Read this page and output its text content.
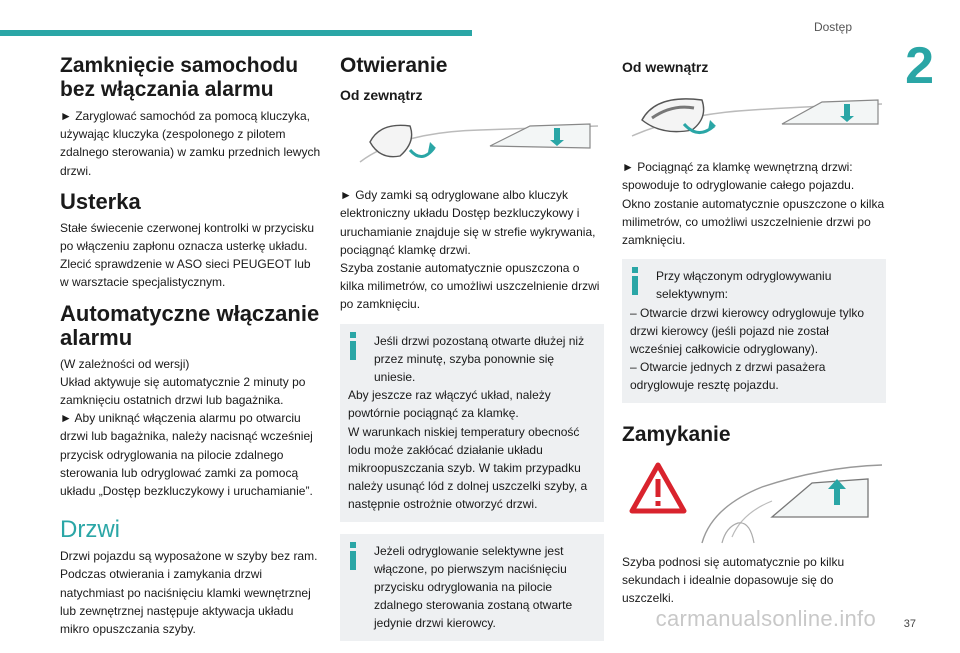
Dostęp
2
carmanualsonline.info	37
Zamknięcie samochodu bez włączania alarmu

► Zaryglować samochód za pomocą kluczyka, używając kluczyka (zespolonego z pilotem zdalnego sterowania) w zamku przednich lewych drzwi.

Usterka

Stałe świecenie czerwonej kontrolki w przycisku po włączeniu zapłonu oznacza usterkę układu.

Zlecić sprawdzenie w ASO sieci PEUGEOT lub w warsztacie specjalistycznym.

Automatyczne włączanie alarmu

(W zależności od wersji)

Układ aktywuje się automatycznie 2 minuty po zamknięciu ostatnich drzwi lub bagażnika.

► Aby uniknąć włączenia alarmu po otwarciu drzwi lub bagażnika, należy nacisnąć wcześniej przycisk odryglowania na pilocie zdalnego sterowania lub odryglować zamki za pomocą układu „Dostęp bezkluczykowy i uruchamianie”.

Drzwi

Drzwi pojazdu są wyposażone w szyby bez ram. Podczas otwierania i zamykania drzwi natychmiast po naciśnięciu klamki wewnętrznej lub zewnętrznej następuje aktywacja układu mikro opuszczania szyby.

Otwieranie
Od zewnątrz

► Gdy zamki są odryglowane albo kluczyk elektroniczny układu Dostęp bezkluczykowy i uruchamianie znajduje się w strefie wykrywania, pociągnąć klamkę drzwi.

Szyba zostanie automatycznie opuszczona o kilka milimetrów, co umożliwi uszczelnienie drzwi po zamknięciu.

Jeśli drzwi pozostaną otwarte dłużej niż przez minutę, szyba ponownie się uniesie.

Aby jeszcze raz włączyć układ, należy powtórnie pociągnąć za klamkę.

W warunkach niskiej temperatury obecność lodu może zakłócać działanie układu mikroopuszczania szyb. W takim przypadku należy usunąć lód z dolnej uszczelki szyby, a następnie ostrożnie otworzyć drzwi.

Jeżeli odryglowanie selektywne jest włączone, po pierwszym naciśnięciu przycisku odryglowania na pilocie zdalnego sterowania zostaną otwarte jedynie drzwi kierowcy.

Od wewnątrz

► Pociągnąć za klamkę wewnętrzną drzwi: spowoduje to odryglowanie całego pojazdu.

Okno zostanie automatycznie opuszczone o kilka milimetrów, co umożliwi uszczelnienie drzwi po zamknięciu.

Przy włączonym odryglowywaniu selektywnym:

– Otwarcie drzwi kierowcy odryglowuje tylko drzwi kierowcy (jeśli pojazd nie został wcześniej całkowicie odryglowany).

– Otwarcie jednych z drzwi pasażera odryglowuje resztę pojazdu.

Zamykanie

Szyba podnosi się automatycznie po kilku sekundach i idealnie dopasowuje się do uszczelki.
